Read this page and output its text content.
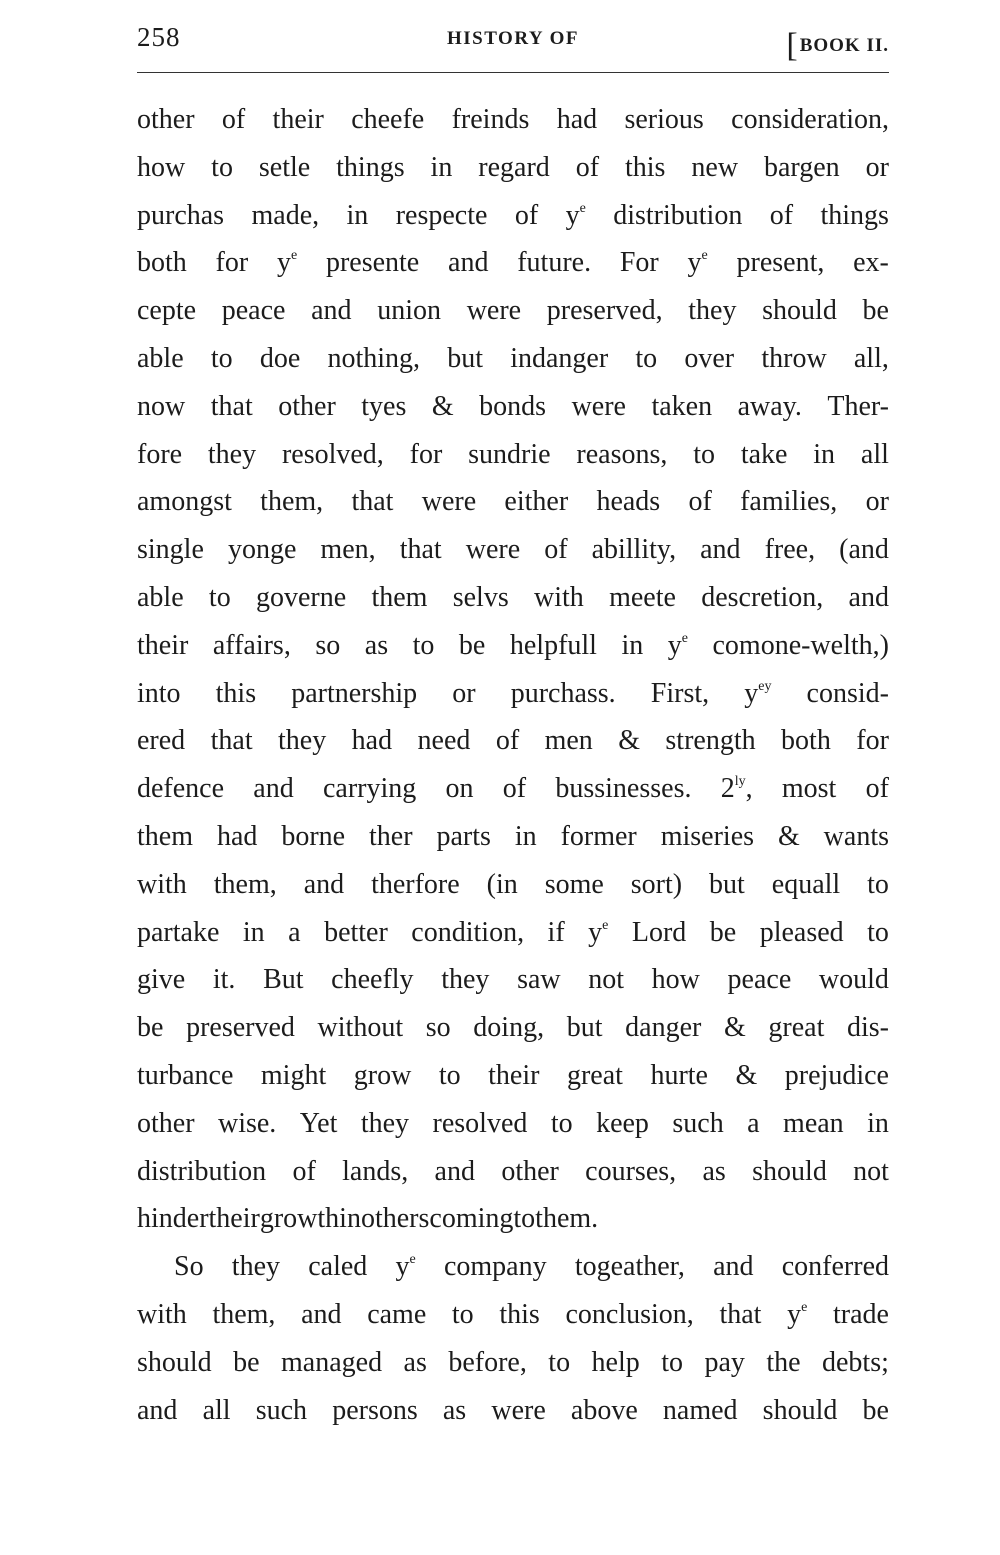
258	HISTORY OF	[BOOK II.
other of their cheefe freinds had serious consideration,
how to setle things in regard of this new bargen or
purchas made, in respecte of $y^e$ distribution of things
both for $y^e$ presente and future. For $y^e$ present, ex-
cepte peace and union were preserved, they should be
able to doe nothing, but indanger to over throw all,
now that other tyes & bonds were taken away. Ther-
fore they resolved, for sundrie reasons, to take in all
amongst them, that were either heads of families, or
single yonge men, that were of abillity, and free, (and
able to governe them selvs with meete descretion, and
their affairs, so as to be helpfull in $y^e$ comone-welth,)
into this partnership or purchass. First, $y^{ey}$ consid-
ered that they had need of men & strength both for
defence and carrying on of bussinesses. $2^{ly}$, most of
them had borne ther parts in former miseries & wants
with them, and therfore (in some sort) but equall to
partake in a better condition, if $y^e$ Lord be pleased to
give it. But cheefly they saw not how peace would
be preserved without so doing, but danger & great dis-
turbance might grow to their great hurte & prejudice
other wise. Yet they resolved to keep such a mean in
distribution of lands, and other courses, as should not
hinder their growth in others coming to them.
So they caled $y^e$ company togeather, and conferred
with them, and came to this conclusion, that $y^e$ trade
should be managed as before, to help to pay the debts;
and all such persons as were above named should be
